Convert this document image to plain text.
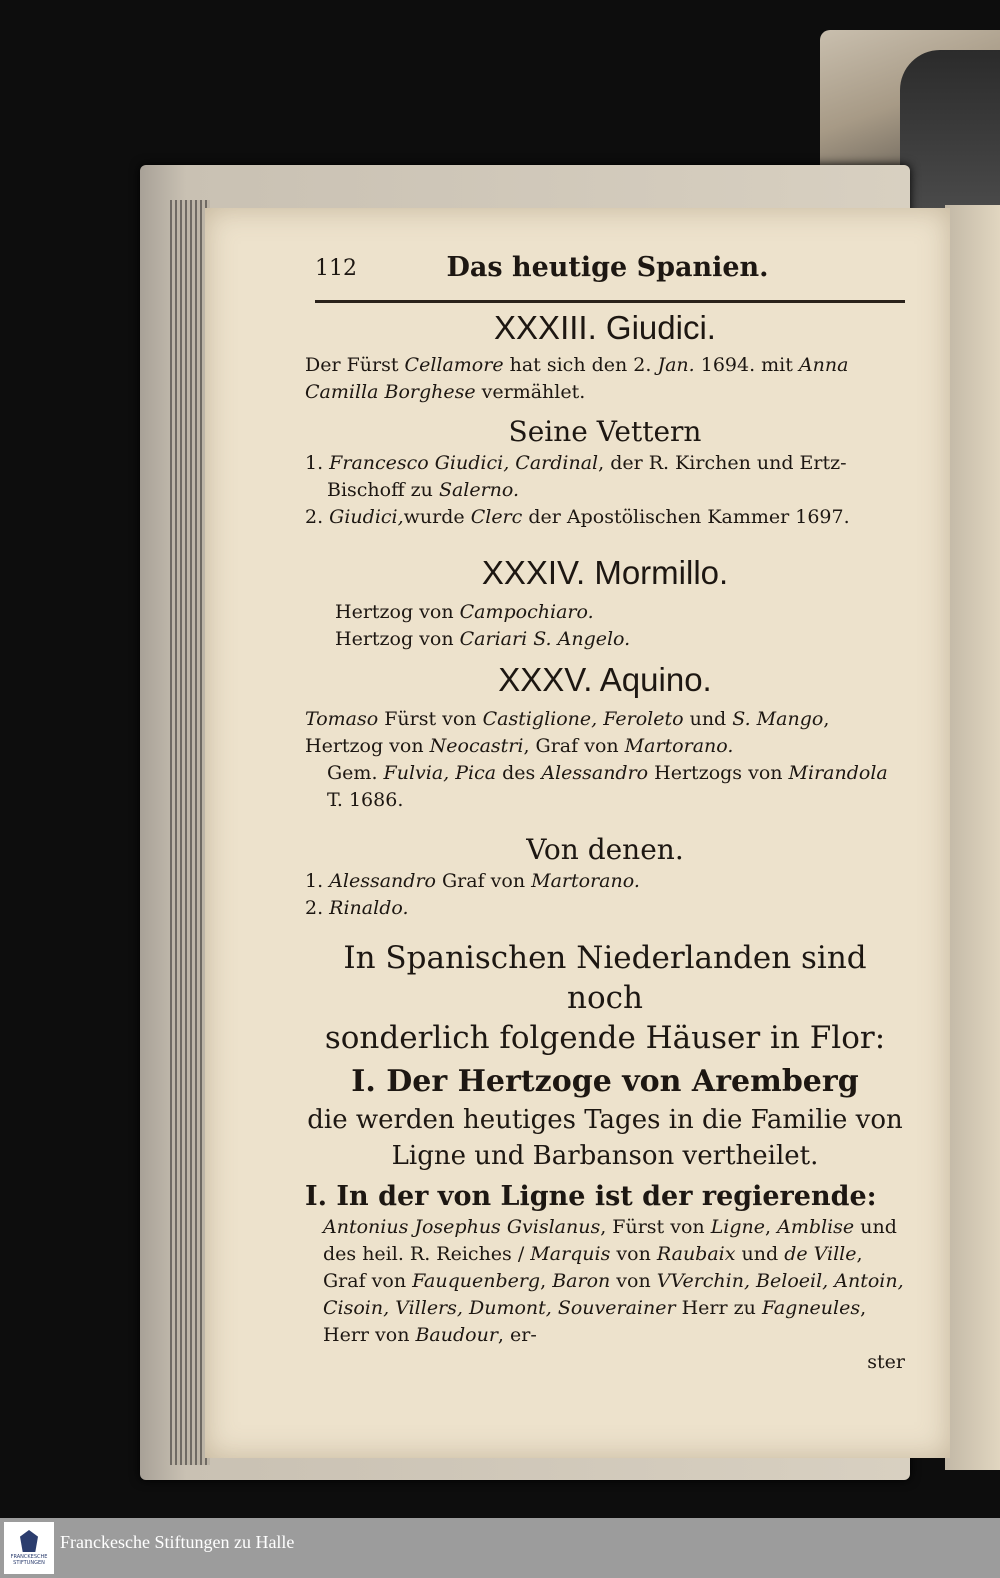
112	Das heutige Spanien.

XXXIII. Giudici.

Der Fürst Cellamore hat sich den 2. Jan. 1694. mit Anna Camilla Borghese vermählet.

Seine Vettern

1. Francesco Giudici, Cardinal, der R. Kirchen und Ertz-Bischoff zu Salerno.

2. Giudici,wurde Clerc der Apostölischen Kammer 1697.

XXXIV. Mormillo.

Hertzog von Campochiaro.

Hertzog von Cariari S. Angelo.

XXXV. Aquino.

Tomaso Fürst von Castiglione, Feroleto und S. Mango, Hertzog von Neocastri, Graf von Martorano.

Gem. Fulvia, Pica des Alessandro Hertzogs von Mirandola T. 1686.

Von denen.

1. Alessandro Graf von Martorano.

2. Rinaldo.

In Spanischen Niederlanden sind noch

sonderlich folgende Häuser in Flor:

I. Der Hertzoge von Aremberg

die werden heutiges Tages in die Familie von

Ligne und Barbanson vertheilet.

I. In der von Ligne ist der regierende:

Antonius Josephus Gvislanus, Fürst von Ligne, Amblise und des heil. R. Reiches / Marquis von Raubaix und de Ville, Graf von Fauquenberg, Baron von VVerchin, Beloeil, Antoin, Cisoin, Villers, Dumont, Souverainer Herr zu Fagneules, Herr von Baudour, er-

ster

FRANCKESCHE STIFTUNGEN
Franckesche Stiftungen zu Halle
